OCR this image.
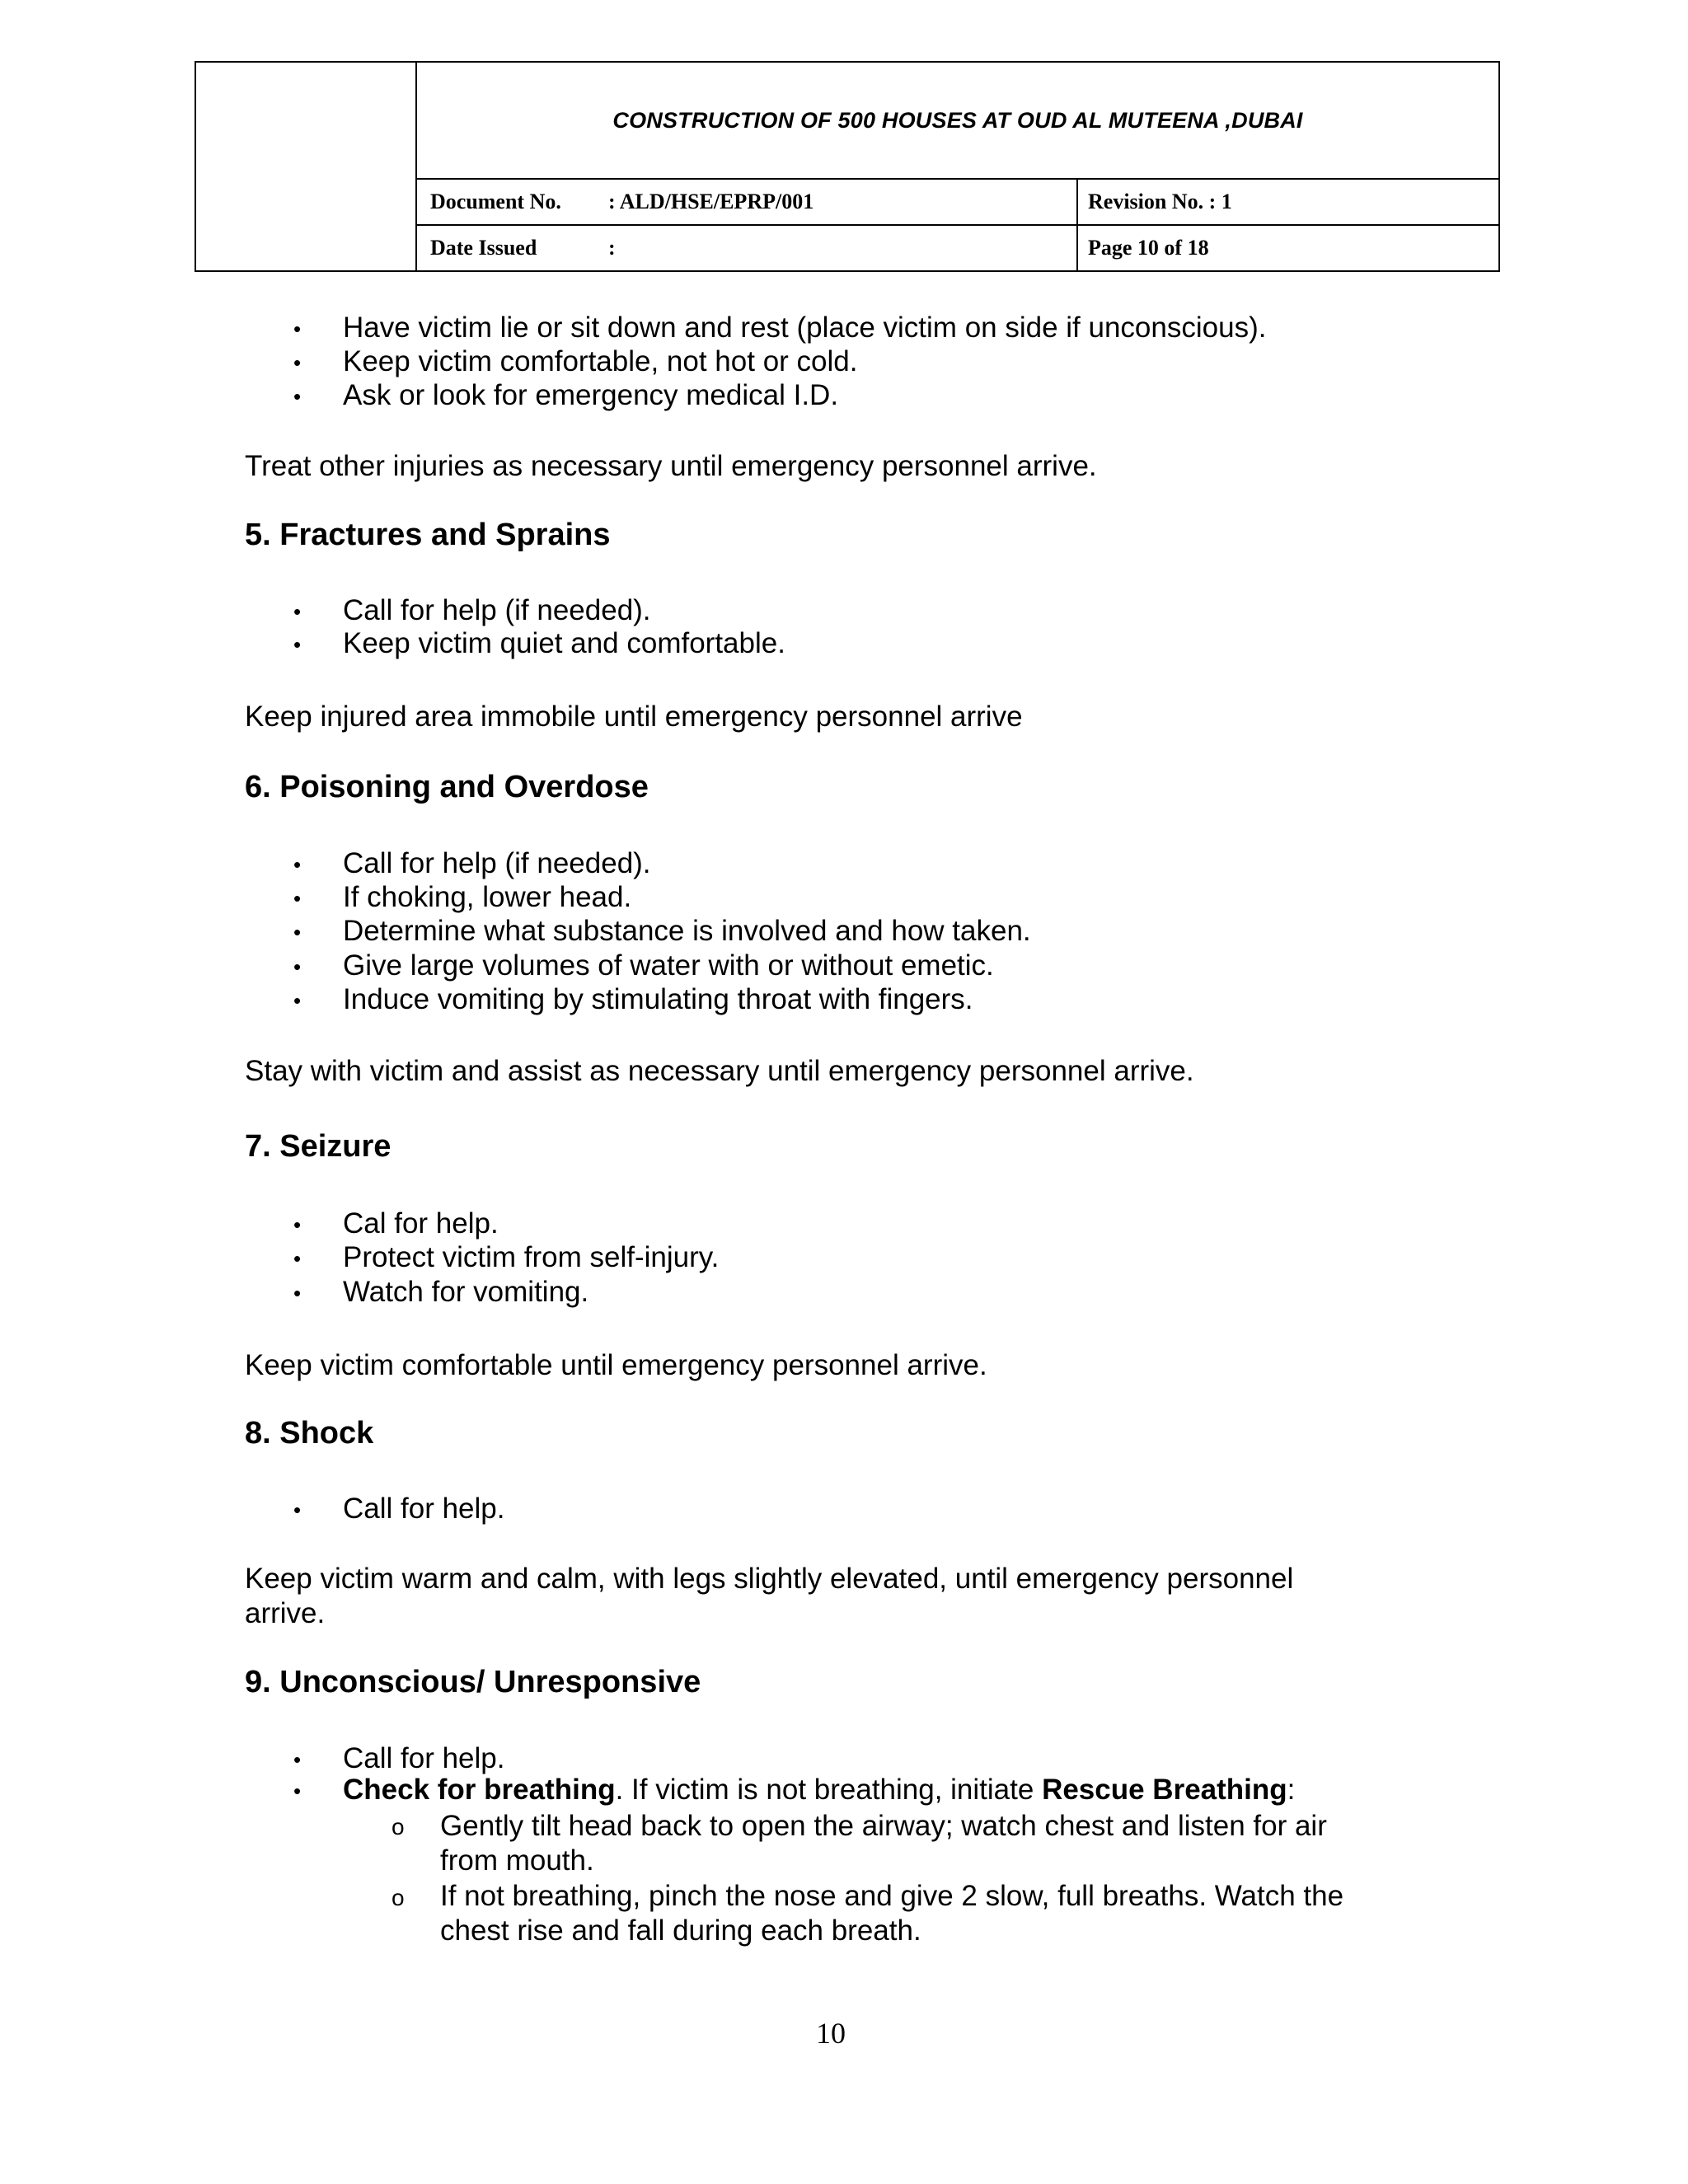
CONSTRUCTION OF 500 HOUSES AT OUD AL MUTEENA ,DUBAI
Document No. : ALD/HSE/EPRP/001	Revision No. : 1
Date Issued	:	Page 10 of 18
• Have victim lie or sit down and rest (place victim on side if unconscious).
• Keep victim comfortable, not hot or cold.
• Ask or look for emergency medical I.D.
Treat other injuries as necessary until emergency personnel arrive.
5. Fractures and Sprains
• Call for help (if needed).
• Keep victim quiet and comfortable.
Keep injured area immobile until emergency personnel arrive
6. Poisoning and Overdose
• Call for help (if needed).
• If choking, lower head.
• Determine what substance is involved and how taken.
• Give large volumes of water with or without emetic.
• Induce vomiting by stimulating throat with fingers.
Stay with victim and assist as necessary until emergency personnel arrive.
7. Seizure
• Cal for help.
• Protect victim from self-injury.
• Watch for vomiting.
Keep victim comfortable until emergency personnel arrive.
8. Shock
• Call for help.
Keep victim warm and calm, with legs slightly elevated, until emergency personnel
arrive.
9. Unconscious/ Unresponsive
• Call for help.
• Check for breathing. If victim is not breathing, initiate Rescue Breathing:
o Gently tilt head back to open the airway; watch chest and listen for air
from mouth.
o If not breathing, pinch the nose and give 2 slow, full breaths. Watch the
chest rise and fall during each breath.
10
